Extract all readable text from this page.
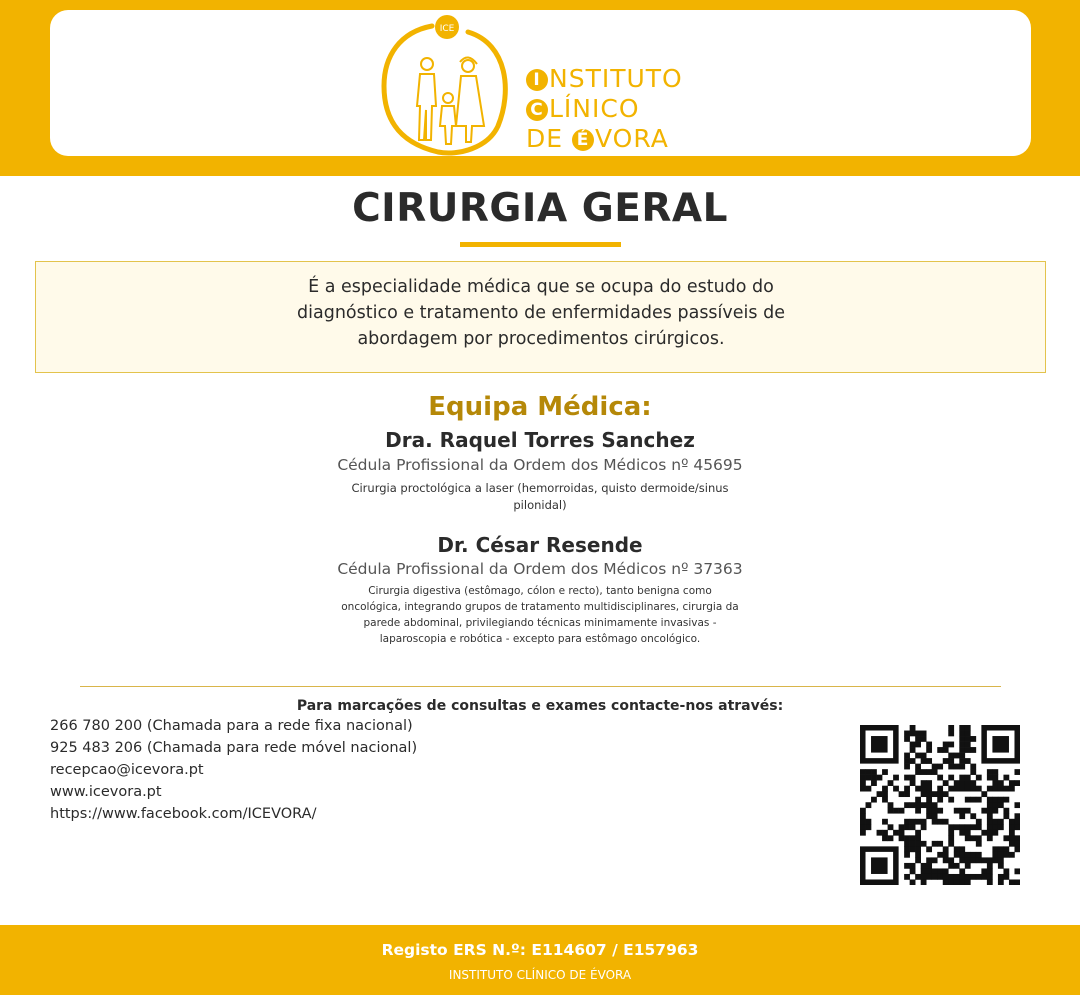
ICE
I NSTITUTO
C LÍNICO
DE É VORA
CIRURGIA GERAL
É a especialidade médica que se ocupa do estudo do diagnóstico e tratamento de enfermidades passíveis de abordagem por procedimentos cirúrgicos.
Equipa Médica:
Dra. Raquel Torres Sanchez
Cédula Profissional da Ordem dos Médicos nº 45695
Cirurgia proctológica a laser (hemorroidas, quisto dermoide/sinus pilonidal)
Dr. César Resende
Cédula Profissional da Ordem dos Médicos nº 37363
Cirurgia digestiva (estômago, cólon e recto), tanto benigna como oncológica, integrando grupos de tratamento multidisciplinares, cirurgia da parede abdominal, privilegiando técnicas minimamente invasivas - laparoscopia e robótica - excepto para estômago oncológico.
Para marcações de consultas e exames contacte-nos através:
266 780 200 (Chamada para a rede fixa nacional)
925 483 206 (Chamada para rede móvel nacional)
recepcao@icevora.pt
www.icevora.pt
https://www.facebook.com/ICEVORA/
Registo ERS N.º: E114607 / E157963
INSTITUTO CLÍNICO DE ÉVORA
